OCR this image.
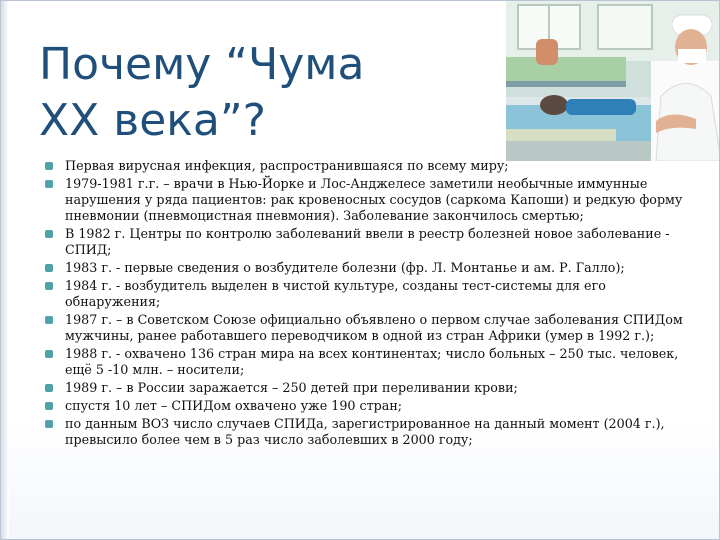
Почему “Чума
XX века”?
Первая вирусная инфекция, распространившаяся по всему миру;
1979-1981 г.г. – врачи в Нью-Йорке и Лос-Анджелесе заметили необычные иммунные нарушения у ряда пациентов: рак кровеносных сосудов (саркома Капоши) и редкую форму пневмонии (пневмоцистная пневмония). Заболевание закончилось смертью;
В 1982 г. Центры по контролю заболеваний ввели в реестр болезней новое заболевание - СПИД;
1983 г. - первые сведения о возбудителе болезни (фр. Л. Монтанье и ам. Р. Галло);
1984 г. - возбудитель выделен в чистой культуре, созданы тест-системы для его обнаружения;
1987 г. – в Советском Союзе официально объявлено о первом случае заболевания СПИДом мужчины, ранее работавшего переводчиком в одной из стран Африки (умер в 1992 г.);
1988 г. - охвачено 136 стран мира на всех континентах; число больных – 250 тыс. человек, ещё 5 -10 млн. – носители;
1989 г. – в России заражается – 250 детей при переливании крови;
спустя 10 лет – СПИДом охвачено уже 190 стран;
по данным ВОЗ число случаев СПИДа, зарегистрированное на данный момент (2004 г.), превысило более чем в 5 раз число заболевших в 2000 году;
